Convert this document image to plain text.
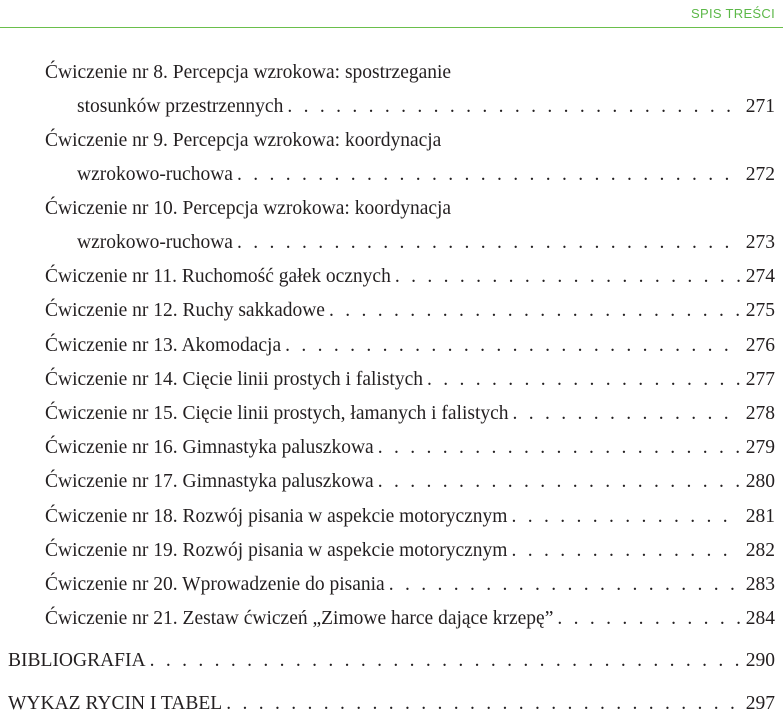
SPIS TREŚCI
Ćwiczenie nr 8. Percepcja wzrokowa: spostrzeganie
stosunków przestrzennych . . .	271
Ćwiczenie nr 9. Percepcja wzrokowa: koordynacja
wzrokowo-ruchowa . . .	272
Ćwiczenie nr 10. Percepcja wzrokowa: koordynacja
wzrokowo-ruchowa . . .	273
Ćwiczenie nr 11. Ruchomość gałek ocznych . . .	274
Ćwiczenie nr 12. Ruchy sakkadowe . . .	275
Ćwiczenie nr 13. Akomodacja . . .	276
Ćwiczenie nr 14. Cięcie linii prostych i falistych . . .	277
Ćwiczenie nr 15. Cięcie linii prostych, łamanych i falistych . . .	278
Ćwiczenie nr 16. Gimnastyka paluszkowa . . .	279
Ćwiczenie nr 17. Gimnastyka paluszkowa . . .	280
Ćwiczenie nr 18. Rozwój pisania w aspekcie motorycznym . . .	281
Ćwiczenie nr 19. Rozwój pisania w aspekcie motorycznym . . .	282
Ćwiczenie nr 20. Wprowadzenie do pisania . . .	283
Ćwiczenie nr 21. Zestaw ćwiczeń „Zimowe harce dające krzepę” . . .	284
BIBLIOGRAFIA . . .	290
WYKAZ RYCIN I TABEL . . .	297
